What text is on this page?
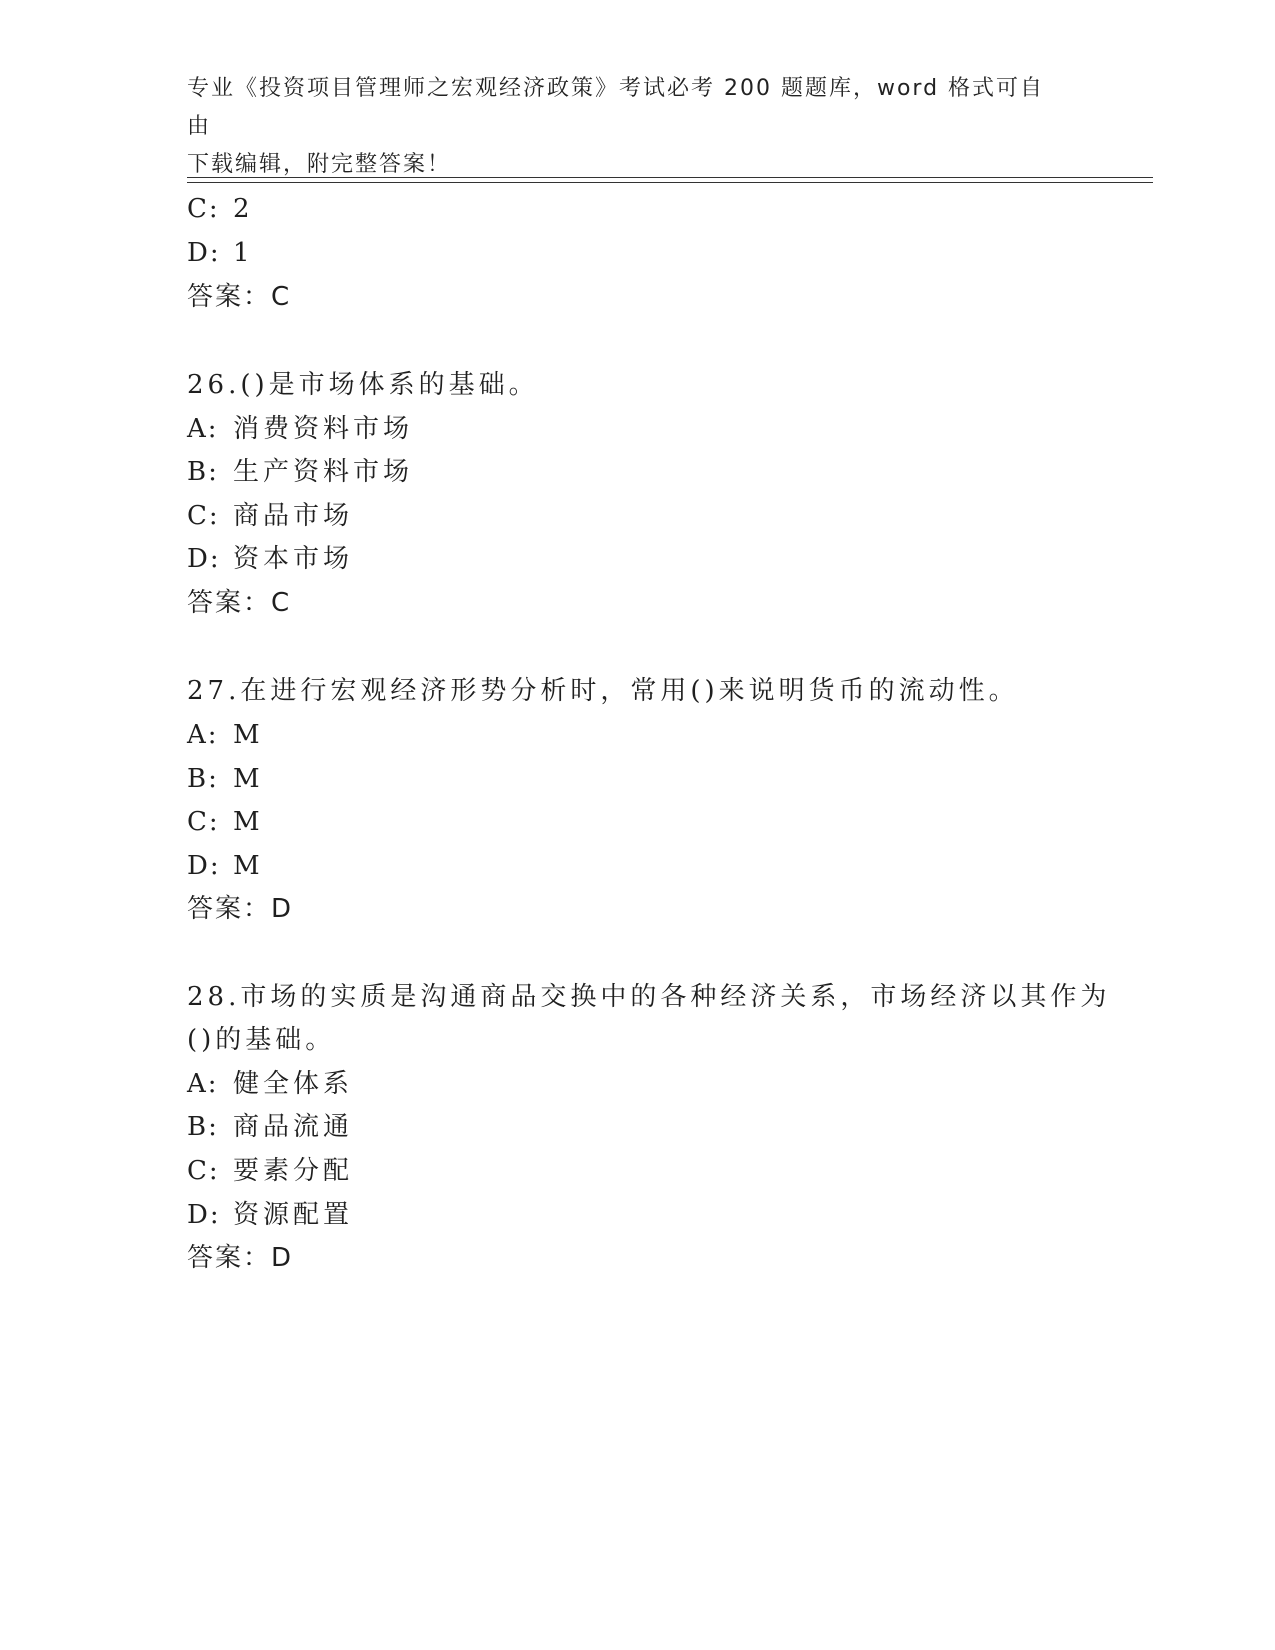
专业《投资项目管理师之宏观经济政策》考试必考 200 题题库，word 格式可自由
下载编辑，附完整答案！
C: 2
D: 1
答案：C
26.()是市场体系的基础。
A: 消费资料市场
B: 生产资料市场
C: 商品市场
D: 资本市场
答案：C
27.在进行宏观经济形势分析时，常用()来说明货币的流动性。
A: M
B: M
C: M
D: M
答案：D
28.市场的实质是沟通商品交换中的各种经济关系，市场经济以其作为
()的基础。
A: 健全体系
B: 商品流通
C: 要素分配
D: 资源配置
答案：D
